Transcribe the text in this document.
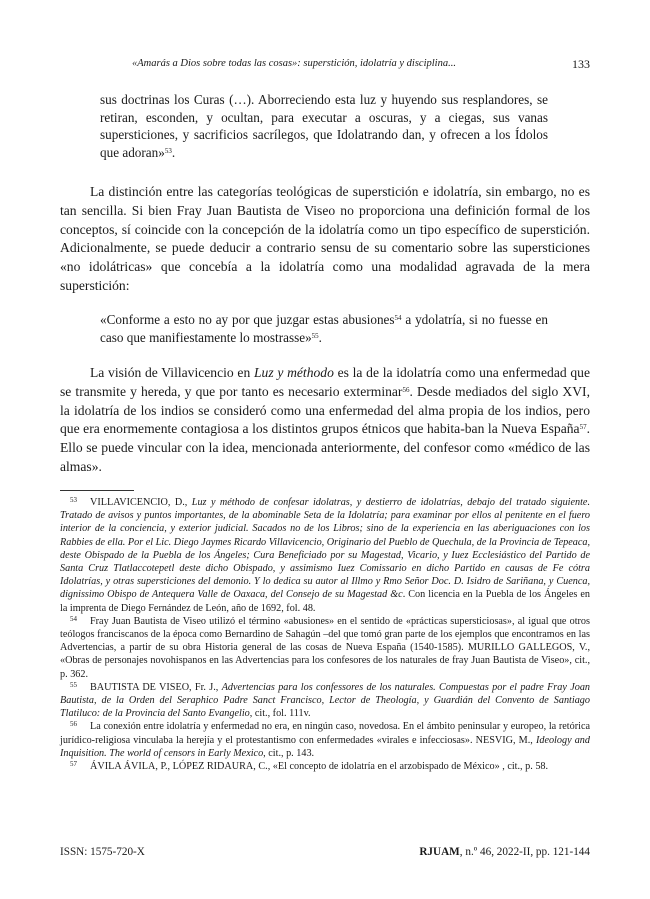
«Amarás a Dios sobre todas las cosas»: superstición, idolatría y disciplina...	133
sus doctrinas los Curas (…). Aborreciendo esta luz y huyendo sus resplandores, se retiran, esconden, y ocultan, para executar a oscuras, y a ciegas, sus vanas supersticiones, y sacrificios sacrílegos, que Idolatrando dan, y ofrecen a los Ídolos que adoran»$^{53}$.
La distinción entre las categorías teológicas de superstición e idolatría, sin embargo, no es tan sencilla. Si bien Fray Juan Bautista de Viseo no proporciona una definición formal de los conceptos, sí coincide con la concepción de la idolatría como un tipo específico de superstición. Adicionalmente, se puede deducir a contrario sensu de su comentario sobre las supersticiones «no idolátricas» que concebía a la idolatría como una modalidad agravada de la mera superstición:
«Conforme a esto no ay por que juzgar estas abusiones$^{54}$ a ydolatría, si no fuesse en caso que manifiestamente lo mostrasse»$^{55}$.
La visión de Villavicencio en Luz y méthodo es la de la idolatría como una enfermedad que se transmite y hereda, y que por tanto es necesario exterminar$^{56}$. Desde mediados del siglo XVI, la idolatría de los indios se consideró como una enfermedad del alma propia de los indios, pero que era enormemente contagiosa a los distintos grupos étnicos que habita-ban la Nueva España$^{57}$. Ello se puede vincular con la idea, mencionada anteriormente, del confesor como «médico de las almas».

53 VILLAVICENCIO, D., Luz y méthodo de confesar idolatras, y destierro de idolatrías, debajo del tratado siguiente. Tratado de avisos y puntos importantes, de la abominable Seta de la Idolatría; para examinar por ellos al penitente en el fuero interior de la conciencia, y exterior judicial. Sacados no de los Libros; sino de la experiencia en las aberiguaciones con los Rabbies de ella. Por el Lic. Diego Jaymes Ricardo Villavicencio, Originario del Pueblo de Quechula, de la Provincia de Tepeaca, deste Obispado de la Puebla de los Ángeles; Cura Beneficiado por su Magestad, Vicario, y Iuez Ecclesiástico del Partido de Santa Cruz Tlatlaccotepetl deste dicho Obispado, y assimismo Iuez Comissario en dicho Partido en causas de Fe cótra Idolatrías, y otras supersticiones del demonio. Y lo dedica su autor al Illmo y Rmo Señor Doc. D. Isidro de Sariñana, y Cuenca, dignissimo Obispo de Antequera Valle de Oaxaca, del Consejo de su Magestad &c. Con licencia en la Puebla de los Ángeles en la imprenta de Diego Fernández de León, año de 1692, fol. 48.

54 Fray Juan Bautista de Viseo utilizó el término «abusiones» en el sentido de «prácticas supersticiosas», al igual que otros teólogos franciscanos de la época como Bernardino de Sahagún –del que tomó gran parte de los ejemplos que encontramos en las Advertencias, a partir de su obra Historia general de las cosas de Nueva España (1540-1585). MURILLO GALLEGOS, V., «Obras de personajes novohispanos en las Advertencias para los confesores de los naturales de fray Juan Bautista de Viseo», cit., p. 362.

55 BAUTISTA DE VISEO, Fr. J., Advertencias para los confessores de los naturales. Compuestas por el padre Fray Joan Bautista, de la Orden del Seraphico Padre Sanct Francisco, Lector de Theología, y Guardián del Convento de Santiago Tlatiluco: de la Provincia del Santo Evangelio, cit., fol. 111v.

56 La conexión entre idolatría y enfermedad no era, en ningún caso, novedosa. En el ámbito peninsular y europeo, la retórica jurídico-religiosa vinculaba la herejía y el protestantismo con enfermedades «virales e infecciosas». NESVIG, M., Ideology and Inquisition. The world of censors in Early Mexico, cit., p. 143.

57 ÁVILA ÁVILA, P., LÓPEZ RIDAURA, C., «El concepto de idolatría en el arzobispado de México» , cit., p. 58.

ISSN: 1575-720-X	RJUAM, n.º 46, 2022-II, pp. 121-144
